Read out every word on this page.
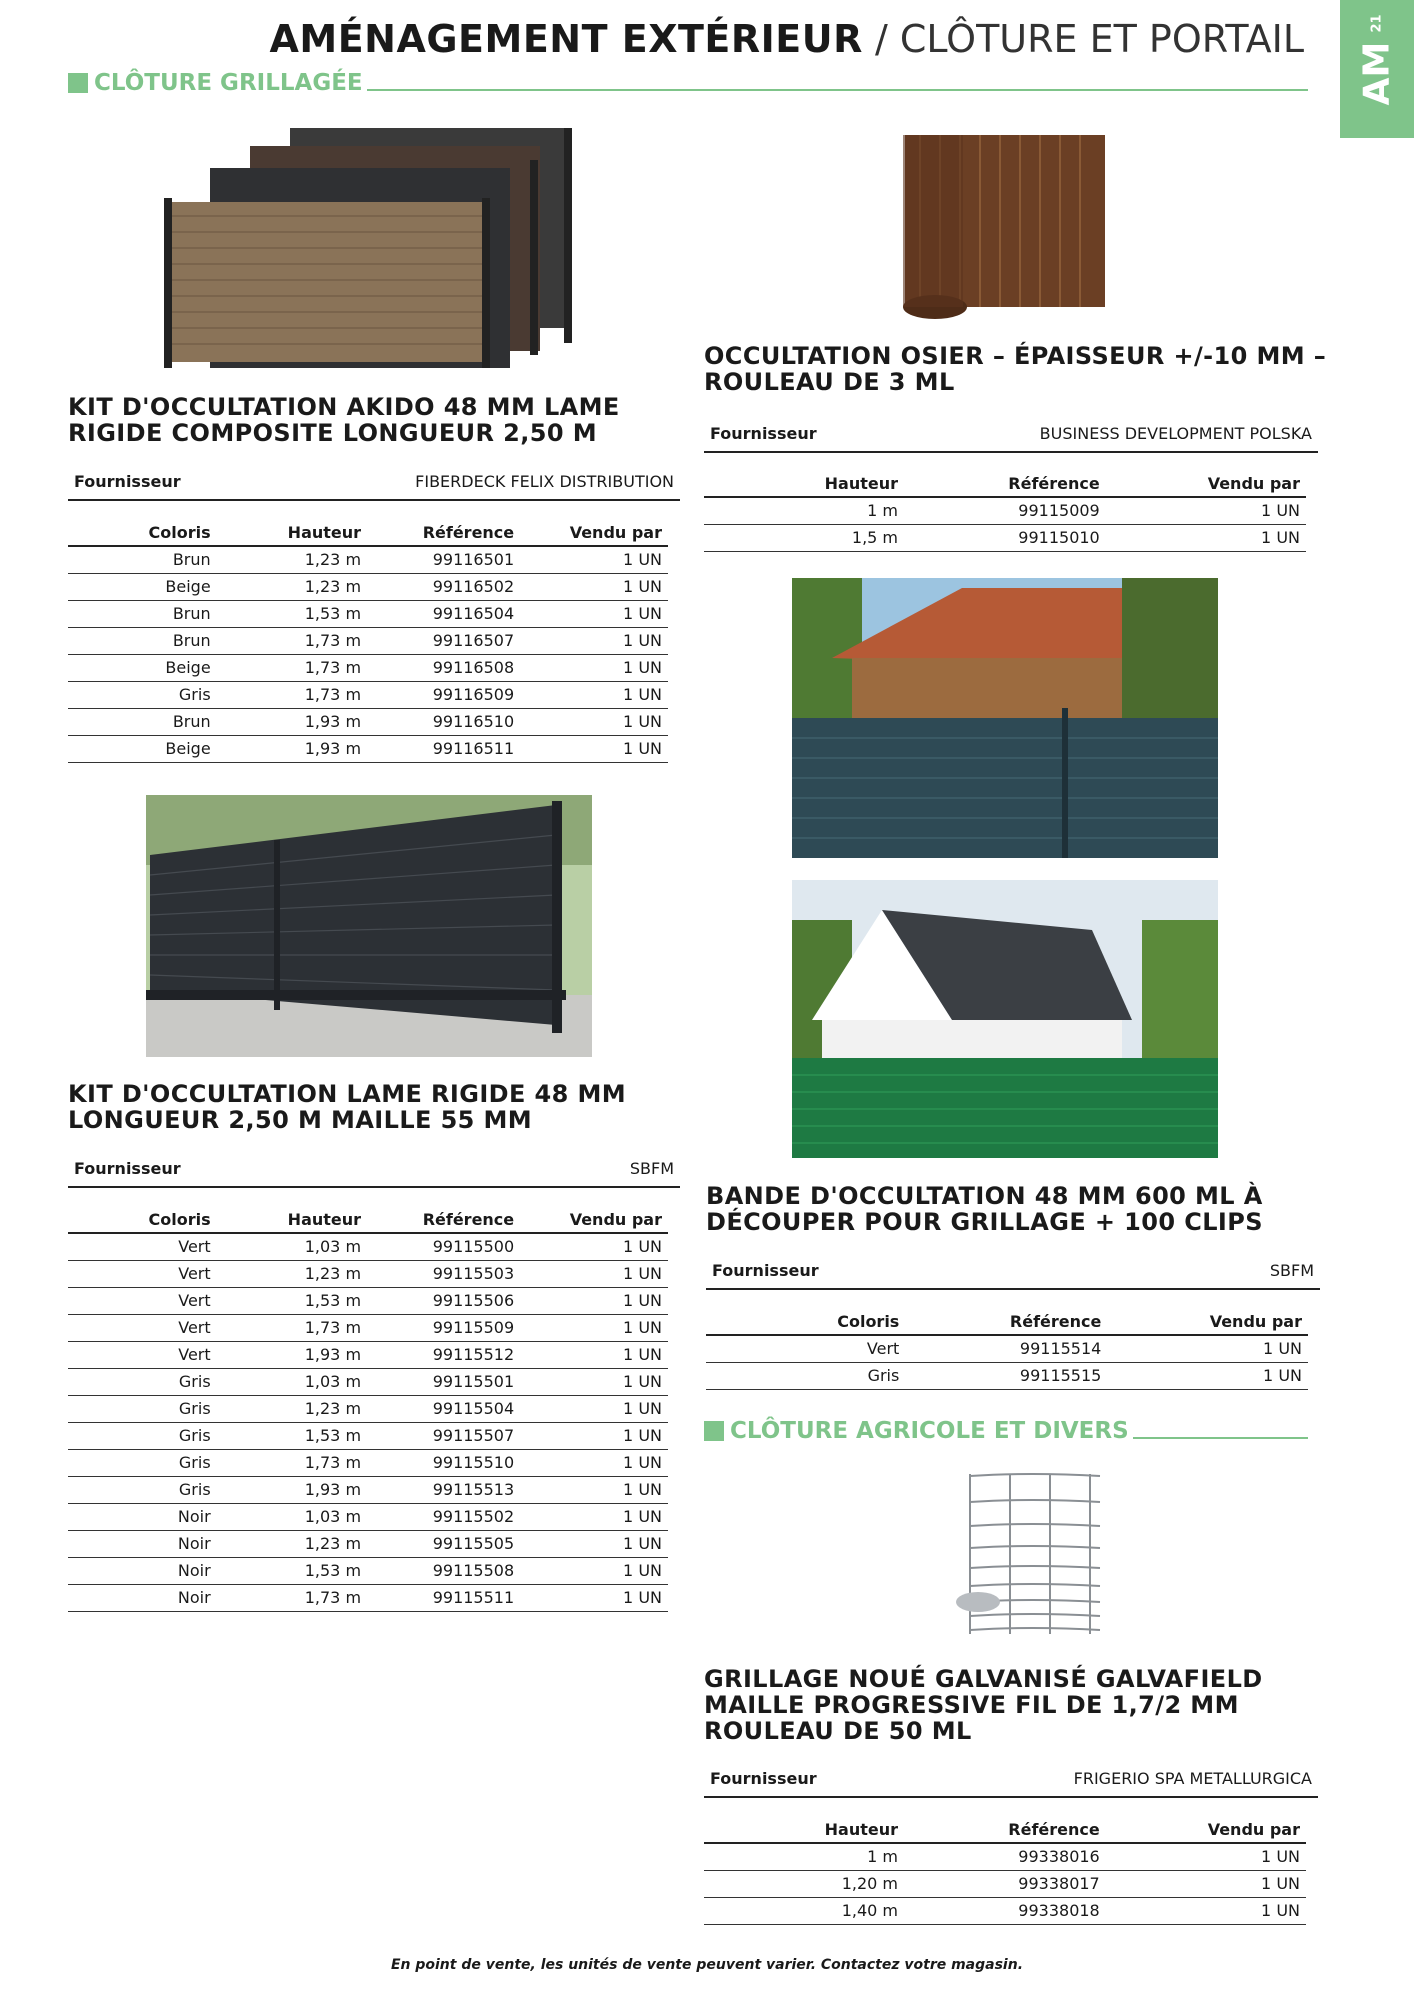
AMÉNAGEMENT EXTÉRIEUR / CLÔTURE ET PORTAIL	21
AM
CLÔTURE GRILLAGÉE
KIT D'OCCULTATION AKIDO 48 MM LAME
RIGIDE COMPOSITE LONGUEUR 2,50 M
Fournisseur	FIBERDECK FELIX DISTRIBUTION
Coloris	Hauteur	Référence	Vendu par
Brun	1,23 m	99116501	1 UN
Beige	1,23 m	99116502	1 UN
Brun	1,53 m	99116504	1 UN
Brun	1,73 m	99116507	1 UN
Beige	1,73 m	99116508	1 UN
Gris	1,73 m	99116509	1 UN
Brun	1,93 m	99116510	1 UN
Beige	1,93 m	99116511	1 UN
KIT D'OCCULTATION LAME RIGIDE 48 MM
LONGUEUR 2,50 M MAILLE 55 MM
Fournisseur	SBFM
Coloris	Hauteur	Référence	Vendu par
Vert	1,03 m	99115500	1 UN
Vert	1,23 m	99115503	1 UN
Vert	1,53 m	99115506	1 UN
Vert	1,73 m	99115509	1 UN
Vert	1,93 m	99115512	1 UN
Gris	1,03 m	99115501	1 UN
Gris	1,23 m	99115504	1 UN
Gris	1,53 m	99115507	1 UN
Gris	1,73 m	99115510	1 UN
Gris	1,93 m	99115513	1 UN
Noir	1,03 m	99115502	1 UN
Noir	1,23 m	99115505	1 UN
Noir	1,53 m	99115508	1 UN
Noir	1,73 m	99115511	1 UN
OCCULTATION OSIER – ÉPAISSEUR +/-10 MM –
ROULEAU DE 3 ML
Fournisseur	BUSINESS DEVELOPMENT POLSKA
Hauteur	Référence	Vendu par
1 m	99115009	1 UN
1,5 m	99115010	1 UN
BANDE D'OCCULTATION 48 MM 600 ML À
DÉCOUPER POUR GRILLAGE + 100 CLIPS
Fournisseur	SBFM
Coloris	Référence	Vendu par
Vert	99115514	1 UN
Gris	99115515	1 UN
CLÔTURE AGRICOLE ET DIVERS
GRILLAGE NOUÉ GALVANISÉ GALVAFIELD
MAILLE PROGRESSIVE FIL DE 1,7/2 MM
ROULEAU DE 50 ML
Fournisseur	FRIGERIO SPA METALLURGICA
Hauteur	Référence	Vendu par
1 m	99338016	1 UN
1,20 m	99338017	1 UN
1,40 m	99338018	1 UN
En point de vente, les unités de vente peuvent varier. Contactez votre magasin.
